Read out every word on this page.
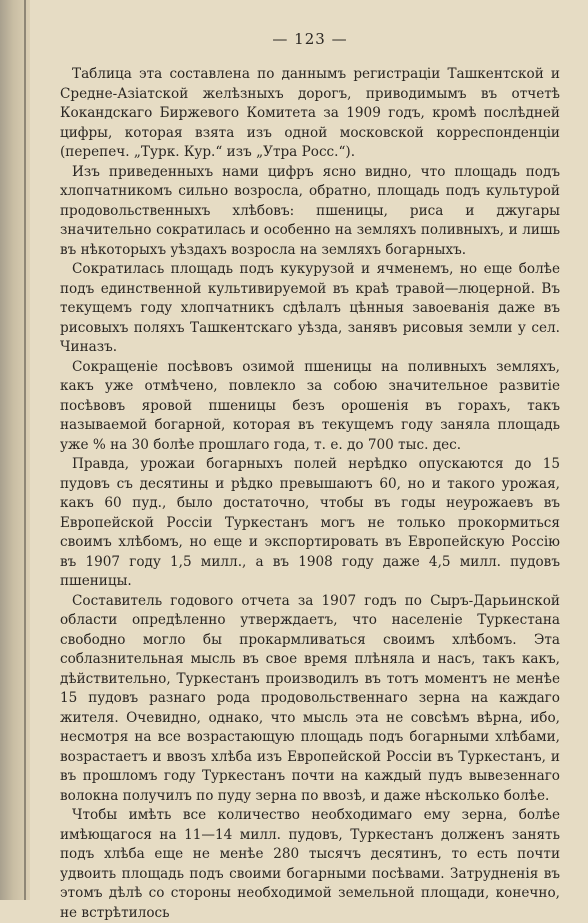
— 123 —

Таблица эта составлена по даннымъ регистрацiи Ташкентской и Средне-Азiатской желѣзныхъ дорогъ, приводимымъ въ отчетѣ Кокандскаго Биржевого Комитета за 1909 годъ, кромѣ послѣдней цифры, которая взята изъ одной московской корреспонденцiи (перепеч. „Турк. Кур.“ изъ „Утра Росс.“).

Изъ приведенныхъ нами цифръ ясно видно, что площадь подъ хлопчатникомъ сильно возросла, обратно, площадь подъ культурой продовольственныхъ хлѣбовъ: пшеницы, риса и джугары значительно сократилась и особенно на земляхъ поливныхъ, и лишь въ нѣкоторыхъ уѣздахъ возросла на земляхъ богарныхъ.

Сократилась площадь подъ кукурузой и ячменемъ, но еще болѣе подъ единственной культивируемой въ краѣ травой—люцерной. Въ текущемъ году хлопчатникъ сдѣлалъ цѣнныя завоеванiя даже въ рисовыхъ поляхъ Ташкентскаго уѣзда, занявъ рисовыя земли у сел. Чиназъ.

Сокращенiе посѣвовъ озимой пшеницы на поливныхъ земляхъ, какъ уже отмѣчено, повлекло за собою значительное развитiе посѣвовъ яровой пшеницы безъ орошенiя въ горахъ, такъ называемой богарной, которая въ текущемъ году заняла площадь уже % на 30 болѣе прошлаго года, т. е. до 700 тыс. дес.

Правда, урожаи богарныхъ полей нерѣдко опускаются до 15 пудовъ съ десятины и рѣдко превышаютъ 60, но и такого урожая, какъ 60 пуд., было достаточно, чтобы въ годы неурожаевъ въ Европейской Россiи Туркестанъ могъ не только прокормиться своимъ хлѣбомъ, но еще и экспортировать въ Европейскую Россiю въ 1907 году 1,5 милл., а въ 1908 году даже 4,5 милл. пудовъ пшеницы.

Составитель годового отчета за 1907 годъ по Сыръ-Дарьинской области опредѣленно утверждаетъ, что населенiе Туркестана свободно могло бы прокармливаться своимъ хлѣбомъ. Эта соблазнительная мысль въ свое время плѣняла и насъ, такъ какъ, дѣйствительно, Туркестанъ производилъ въ тотъ моментъ не менѣе 15 пудовъ разнаго рода продовольственнаго зерна на каждаго жителя. Очевидно, однако, что мысль эта не совсѣмъ вѣрна, ибо, несмотря на все возрастающую площадь подъ богарными хлѣбами, возрастаетъ и ввозъ хлѣба изъ Европейской Россiи въ Туркестанъ, и въ прошломъ году Туркестанъ почти на каждый пудъ вывезеннаго волокна получилъ по пуду зерна по ввозѣ, и даже нѣсколько болѣе.

Чтобы имѣть все количество необходимаго ему зерна, болѣе имѣющагося на 11—14 милл. пудовъ, Туркестанъ долженъ занять подъ хлѣба еще не менѣе 280 тысячъ десятинъ, то есть почти удвоить площадь подъ своими богарными посѣвами. Затрудненiя въ этомъ дѣлѣ со стороны необходимой земельной площади, конечно, не встрѣтилось
